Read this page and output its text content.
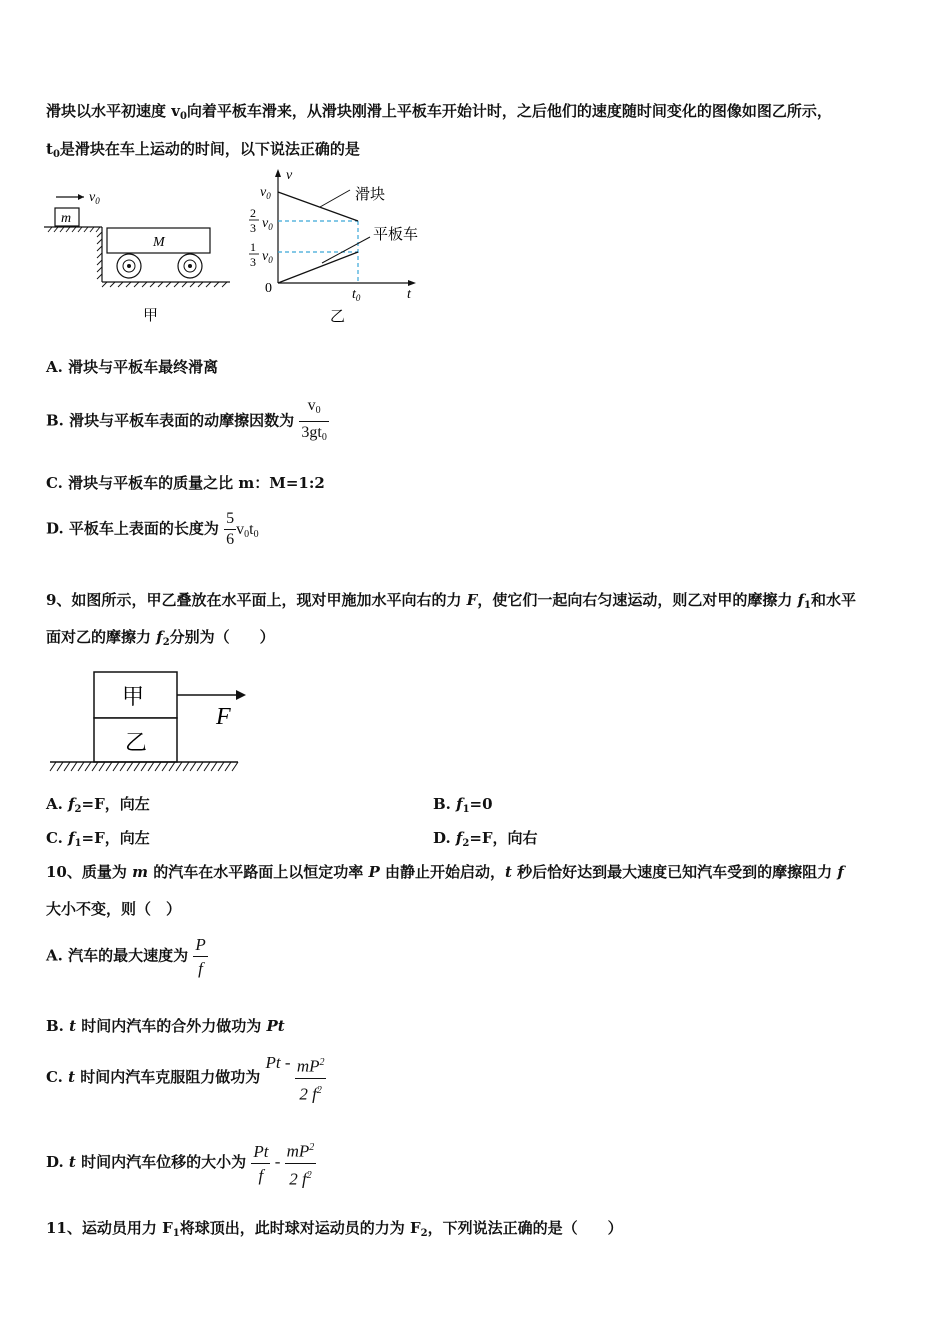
滑块以水平初速度 $v_0$向着平板车滑来，从滑块刚滑上平板车开始计时，之后他们的速度随时间变化的图像如图乙所示，
$t_0$是滑块在车上运动的时间，以下说法正确的是
$v_0$
m
M
甲
v
t
0
$v_0$
2
3 $v_0$
1
3 $v_0$
滑块
平板车
$t_0$
乙
A. 滑块与平板车最终滑离
B. 滑块与平板车表面的动摩擦因数为 $\frac{v_0}{3gt_0}$
C. 滑块与平板车的质量之比 m：M=1:2
D. 平板车上表面的长度为 $\frac{5}{6} v_0t_0$
9、如图所示，甲乙叠放在水平面上，现对甲施加水平向右的力 F，使它们一起向右匀速运动，则乙对甲的摩擦力 $f_1$和水平
面对乙的摩擦力 $f_2$分别为（　　）
甲
乙
F
A. $f_2=F$，向左	B. $f_1=0$
C. $f_1=F$，向左	D. $f_2=F$，向右
10、质量为 m 的汽车在水平路面上以恒定功率 P 由静止开始启动，t 秒后恰好达到最大速度已知汽车受到的摩擦阻力 f
大小不变，则（　）
A. 汽车的最大速度为 $\frac{P}{f}$
B. t 时间内汽车的合外力做功为 Pt
C. t 时间内汽车克服阻力做功为 Pt - $\frac{mP^2}{2 f^2}$
D. t 时间内汽车位移的大小为 $\frac{Pt}{f} - \frac{mP^2}{2 f^2}$
11、运动员用力 $F_1$将球顶出，此时球对运动员的力为 $F_2$，下列说法正确的是（　　）
